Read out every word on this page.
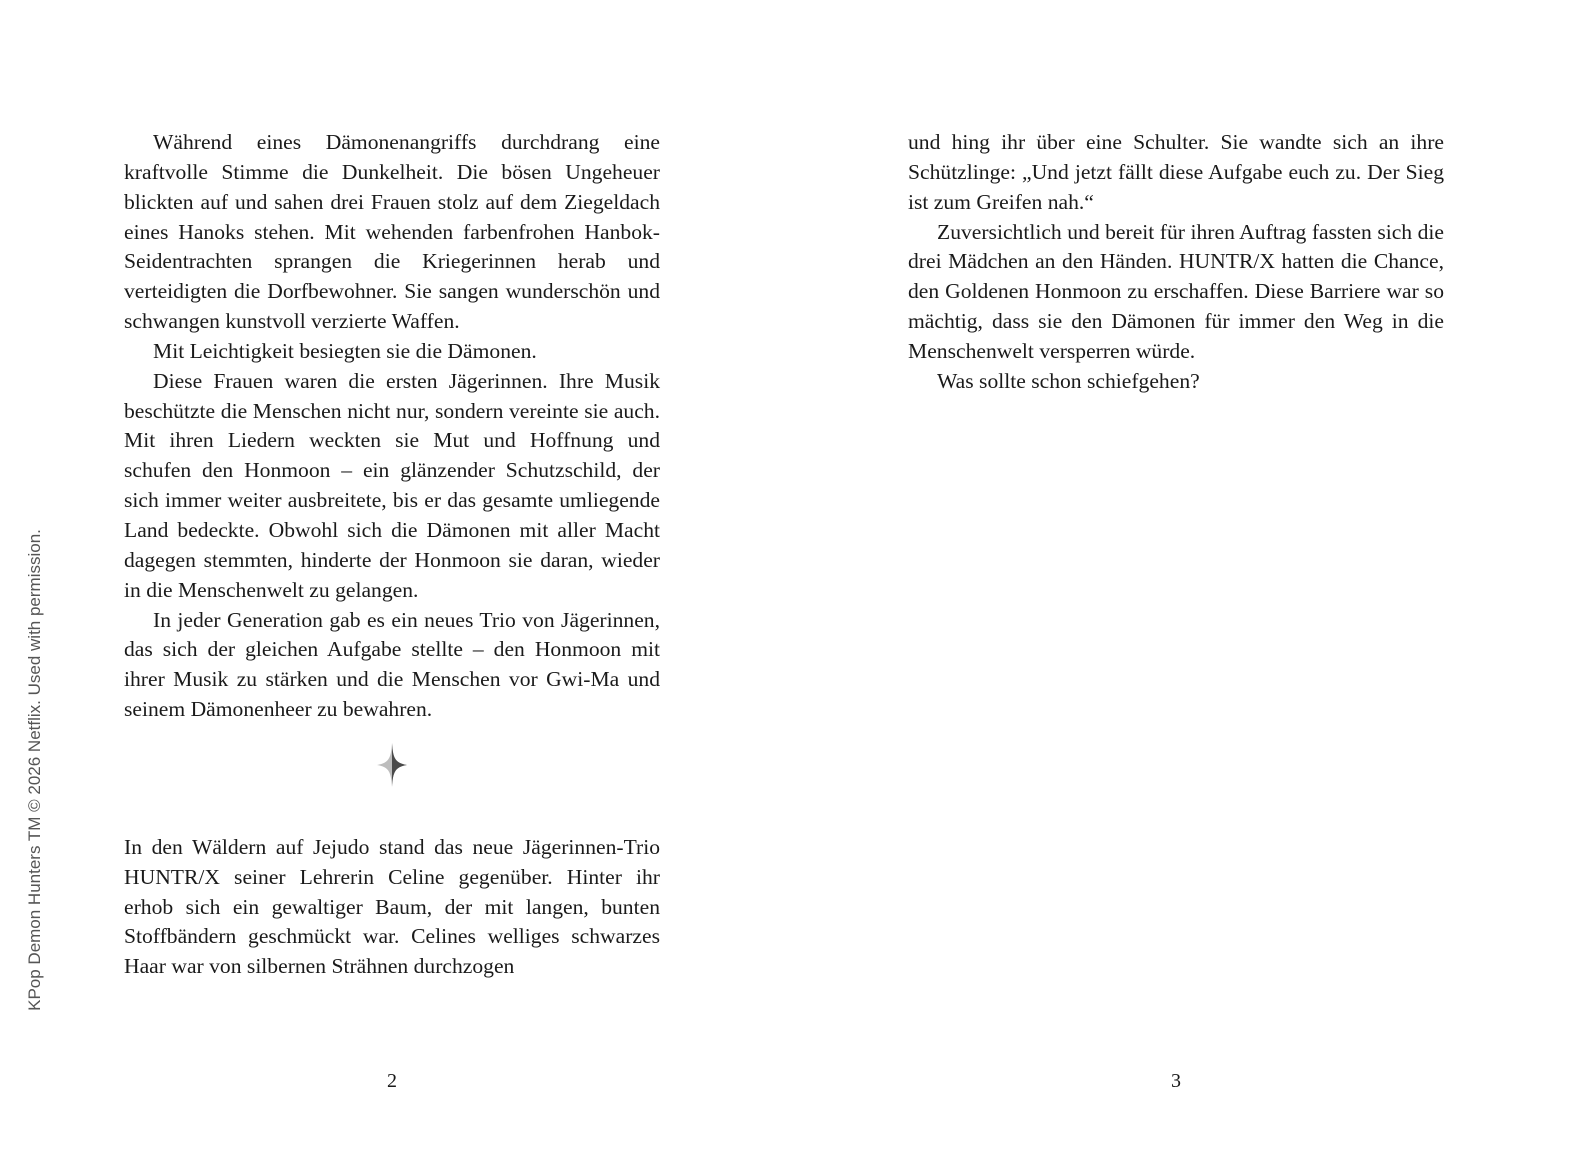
Während eines Dämonenangriffs durchdrang eine kraftvolle Stimme die Dunkelheit. Die bösen Ungeheuer blickten auf und sahen drei Frauen stolz auf dem Ziegeldach eines Hanoks stehen. Mit wehenden farbenfrohen Hanbok-Seidentrachten sprangen die Kriegerinnen herab und verteidigten die Dorfbewohner. Sie sangen wunderschön und schwangen kunstvoll verzierte Waffen.

Mit Leichtigkeit besiegten sie die Dämonen.

Diese Frauen waren die ersten Jägerinnen. Ihre Musik beschützte die Menschen nicht nur, sondern vereinte sie auch. Mit ihren Liedern weckten sie Mut und Hoffnung und schufen den Honmoon – ein glänzender Schutzschild, der sich immer weiter ausbreitete, bis er das gesamte umliegende Land bedeckte. Obwohl sich die Dämonen mit aller Macht dagegen stemmten, hinderte der Honmoon sie daran, wieder in die Menschenwelt zu gelangen.

In jeder Generation gab es ein neues Trio von Jägerinnen, das sich der gleichen Aufgabe stellte – den Honmoon mit ihrer Musik zu stärken und die Menschen vor Gwi-Ma und seinem Dämonenheer zu bewahren.

In den Wäldern auf Jejudo stand das neue Jägerinnen-Trio HUNTR/X seiner Lehrerin Celine gegenüber. Hinter ihr erhob sich ein gewaltiger Baum, der mit langen, bunten Stoffbändern geschmückt war. Celines welliges schwarzes Haar war von silbernen Strähnen durchzogen

2

und hing ihr über eine Schulter. Sie wandte sich an ihre Schützlinge: „Und jetzt fällt diese Aufgabe euch zu. Der Sieg ist zum Greifen nah.“

Zuversichtlich und bereit für ihren Auftrag fassten sich die drei Mädchen an den Händen. HUNTR/X hatten die Chance, den Goldenen Honmoon zu erschaffen. Diese Barriere war so mächtig, dass sie den Dämonen für immer den Weg in die Menschenwelt versperren würde.

Was sollte schon schiefgehen?

3
KPop Demon Hunters TM © 2026 Netflix. Used with permission.
